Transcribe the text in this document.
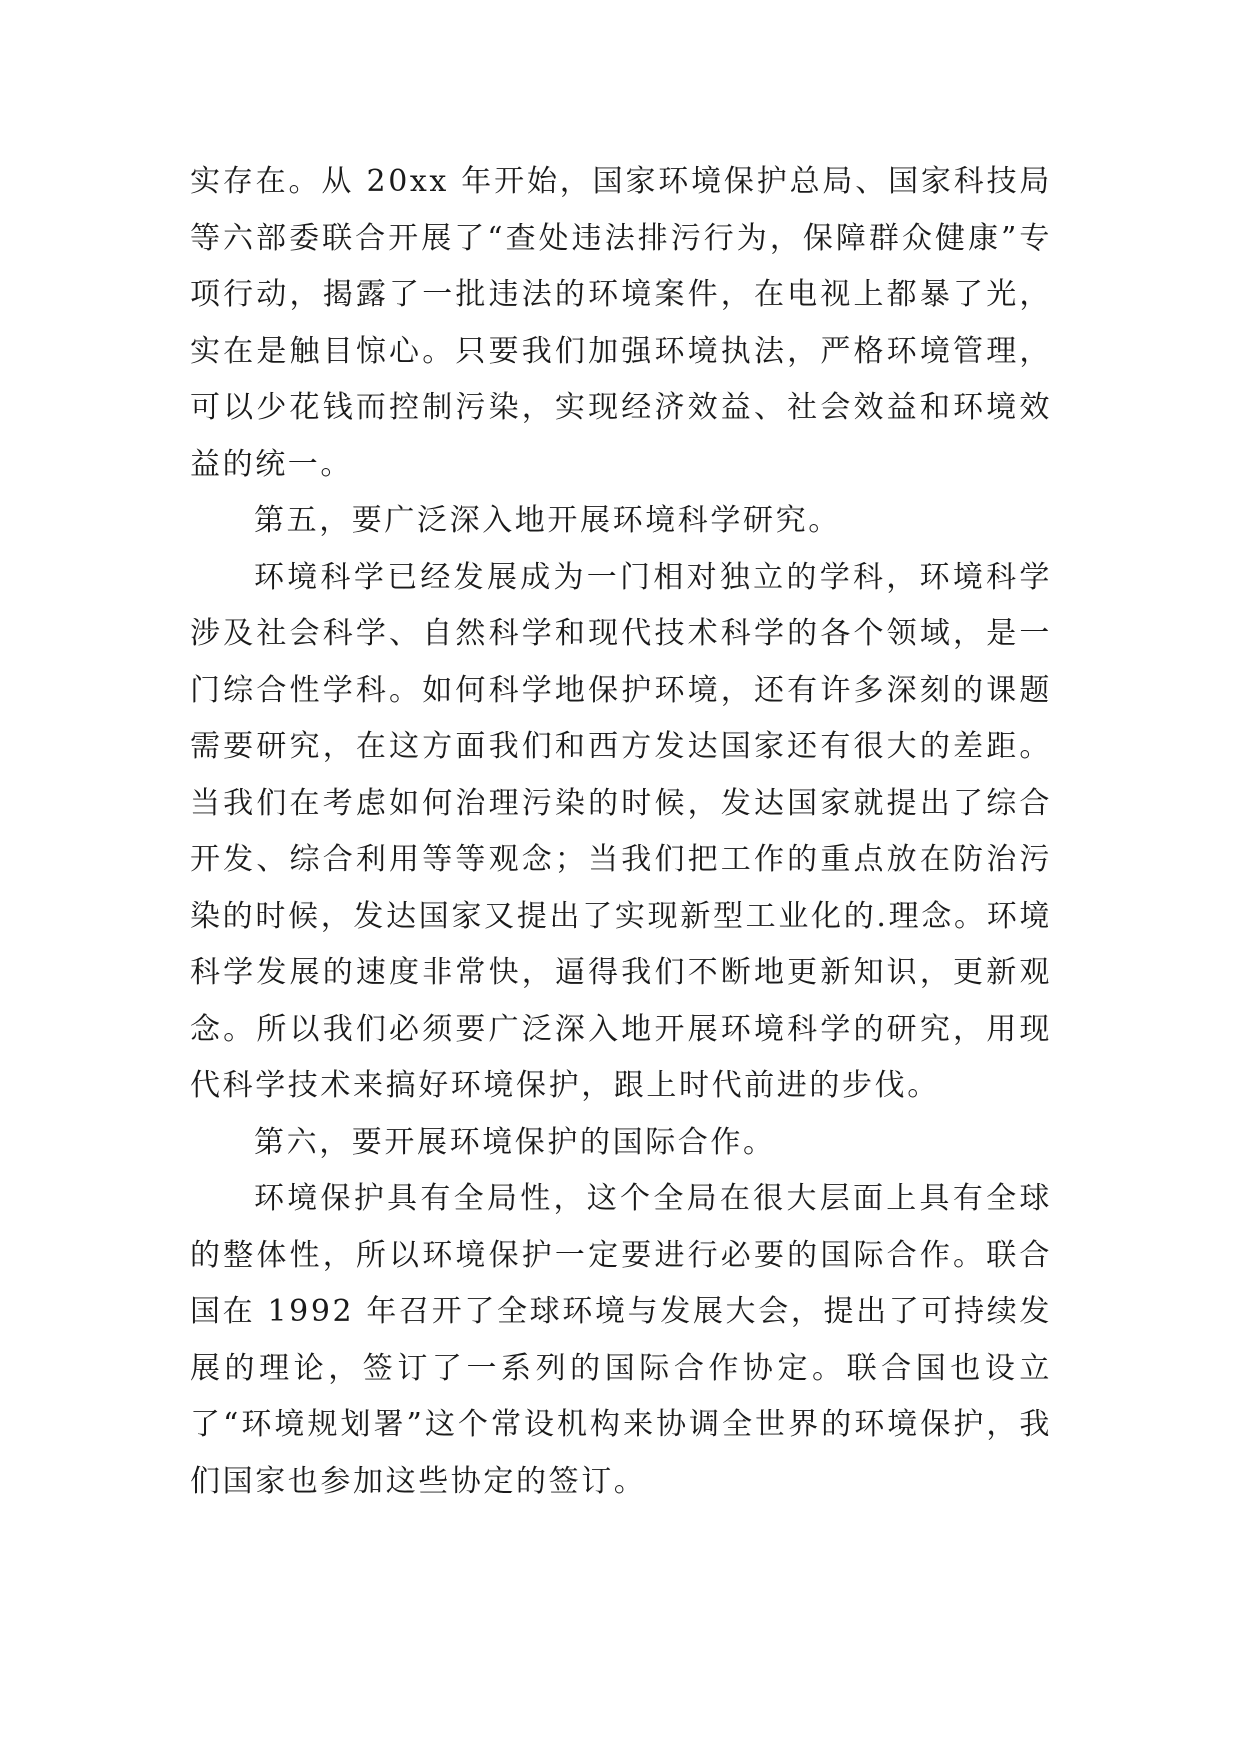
实存在。从 20xx 年开始，国家环境保护总局、国家科技局等六部委联合开展了“查处违法排污行为，保障群众健康”专项行动，揭露了一批违法的环境案件，在电视上都暴了光，实在是触目惊心。只要我们加强环境执法，严格环境管理，可以少花钱而控制污染，实现经济效益、社会效益和环境效益的统一。

第五，要广泛深入地开展环境科学研究。

环境科学已经发展成为一门相对独立的学科，环境科学涉及社会科学、自然科学和现代技术科学的各个领域，是一门综合性学科。如何科学地保护环境，还有许多深刻的课题需要研究，在这方面我们和西方发达国家还有很大的差距。当我们在考虑如何治理污染的时候，发达国家就提出了综合开发、综合利用等等观念；当我们把工作的重点放在防治污染的时候，发达国家又提出了实现新型工业化的.理念。环境科学发展的速度非常快，逼得我们不断地更新知识，更新观念。所以我们必须要广泛深入地开展环境科学的研究，用现代科学技术来搞好环境保护，跟上时代前进的步伐。

第六，要开展环境保护的国际合作。

环境保护具有全局性，这个全局在很大层面上具有全球的整体性，所以环境保护一定要进行必要的国际合作。联合国在 1992 年召开了全球环境与发展大会，提出了可持续发展的理论，签订了一系列的国际合作协定。联合国也设立了“环境规划署”这个常设机构来协调全世界的环境保护，我们国家也参加这些协定的签订。
